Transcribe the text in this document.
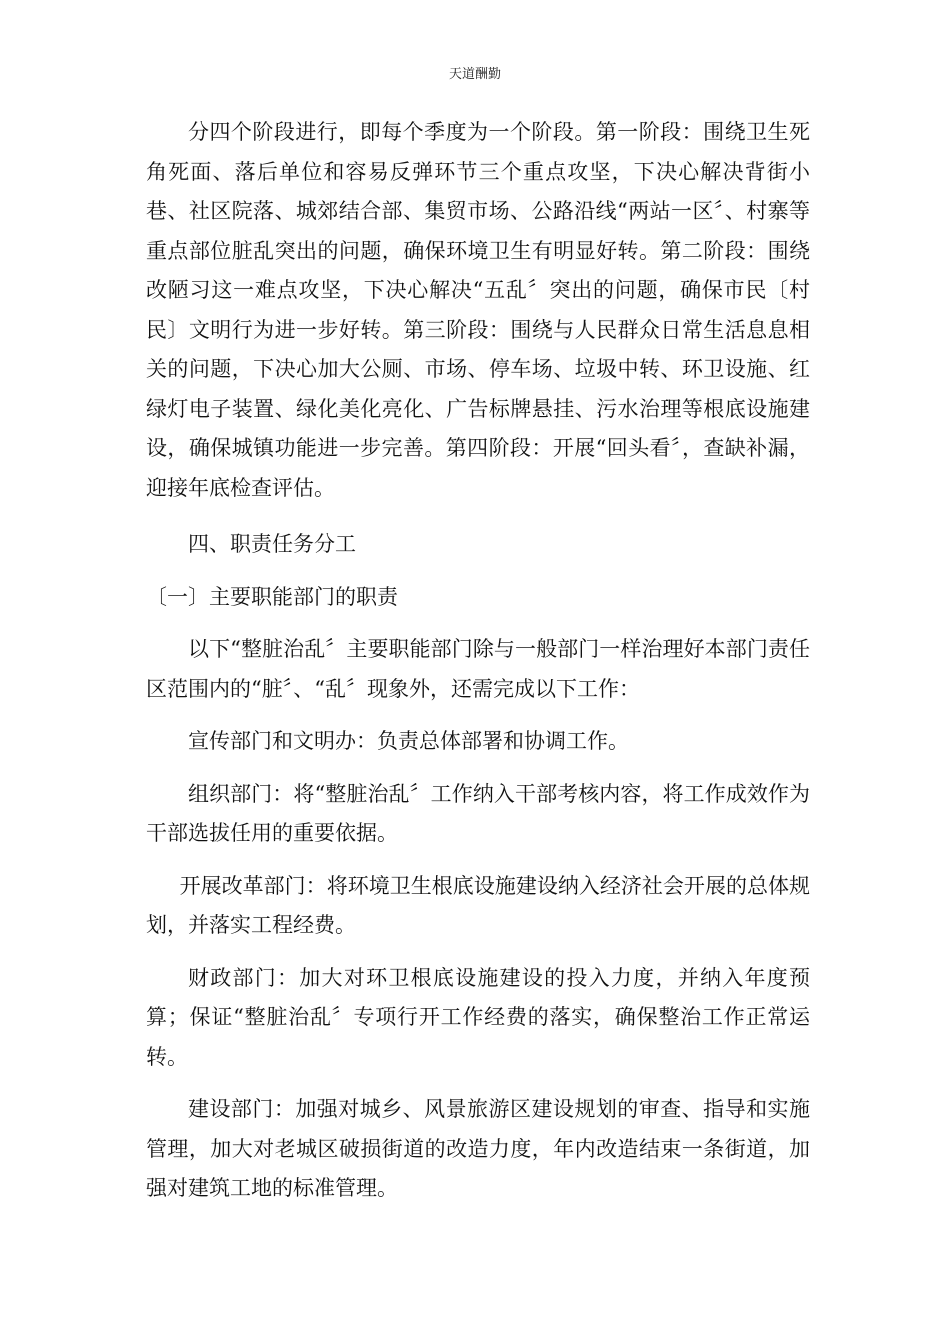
天道酬勤

分四个阶段进行，即每个季度为一个阶段。第一阶段：围绕卫生死角死面、落后单位和容易反弹环节三个重点攻坚，下决心解决背街小巷、社区院落、城郊结合部、集贸市场、公路沿线“两站一区〞、村寨等重点部位脏乱突出的问题，确保环境卫生有明显好转。第二阶段：围绕改陋习这一难点攻坚，下决心解决“五乱〞突出的问题，确保市民〔村民〕文明行为进一步好转。第三阶段：围绕与人民群众日常生活息息相关的问题，下决心加大公厕、市场、停车场、垃圾中转、环卫设施、红绿灯电子装置、绿化美化亮化、广告标牌悬挂、污水治理等根底设施建设，确保城镇功能进一步完善。第四阶段：开展“回头看〞，查缺补漏，迎接年底检查评估。

四、职责任务分工

〔一〕主要职能部门的职责

以下“整脏治乱〞主要职能部门除与一般部门一样治理好本部门责任区范围内的“脏〞、“乱〞现象外，还需完成以下工作：

宣传部门和文明办：负责总体部署和协调工作。

组织部门：将“整脏治乱〞工作纳入干部考核内容，将工作成效作为干部选拔任用的重要依据。

开展改革部门：将环境卫生根底设施建设纳入经济社会开展的总体规划，并落实工程经费。

财政部门：加大对环卫根底设施建设的投入力度，并纳入年度预算；保证“整脏治乱〞专项行开工作经费的落实，确保整治工作正常运转。

建设部门：加强对城乡、风景旅游区建设规划的审查、指导和实施管理，加大对老城区破损街道的改造力度，年内改造结束一条街道，加强对建筑工地的标准管理。
